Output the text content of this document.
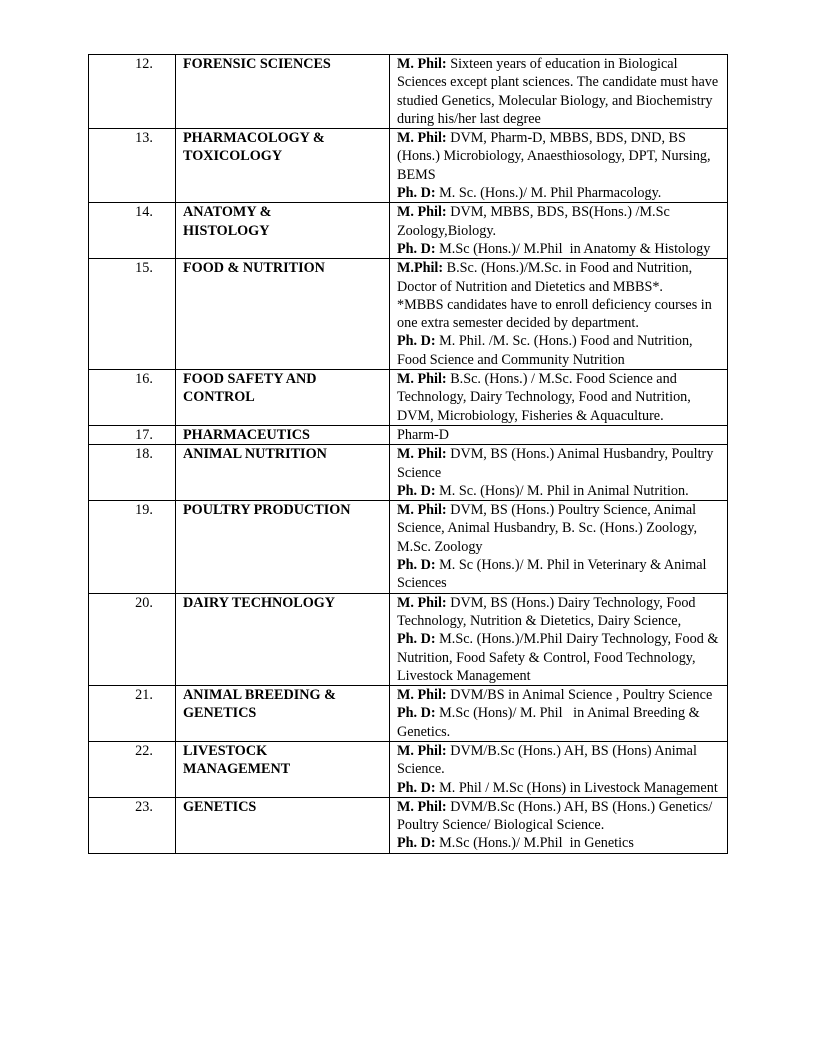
12.	FORENSIC SCIENCES	M. Phil: Sixteen years of education in Biological Sciences except plant sciences. The candidate must have studied Genetics, Molecular Biology, and Biochemistry during his/her last degree

13.	PHARMACOLOGY & TOXICOLOGY	M. Phil: DVM, Pharm-D, MBBS, BDS, DND, BS (Hons.) Microbiology, Anaesthiosology, DPT, Nursing, BEMS
Ph. D: M. Sc. (Hons.)/ M. Phil Pharmacology.

14.	ANATOMY & HISTOLOGY	M. Phil: DVM, MBBS, BDS, BS(Hons.) /M.Sc Zoology,Biology.
Ph. D: M.Sc (Hons.)/ M.Phil  in Anatomy & Histology

15.	FOOD & NUTRITION	M.Phil: B.Sc. (Hons.)/M.Sc. in Food and Nutrition, Doctor of Nutrition and Dietetics and MBBS*.
*MBBS candidates have to enroll deficiency courses in one extra semester decided by department.
Ph. D: M. Phil. /M. Sc. (Hons.) Food and Nutrition, Food Science and Community Nutrition

16.	FOOD SAFETY AND CONTROL	M. Phil: B.Sc. (Hons.) / M.Sc. Food Science and Technology, Dairy Technology, Food and Nutrition, DVM, Microbiology, Fisheries & Aquaculture.

17.	PHARMACEUTICS	Pharm-D

18.	ANIMAL NUTRITION	M. Phil: DVM, BS (Hons.) Animal Husbandry, Poultry Science
Ph. D: M. Sc. (Hons)/ M. Phil in Animal Nutrition.

19.	POULTRY PRODUCTION	M. Phil: DVM, BS (Hons.) Poultry Science, Animal Science, Animal Husbandry, B. Sc. (Hons.) Zoology, M.Sc. Zoology
Ph. D: M. Sc (Hons.)/ M. Phil in Veterinary & Animal Sciences

20.	DAIRY TECHNOLOGY	M. Phil: DVM, BS (Hons.) Dairy Technology, Food Technology, Nutrition & Dietetics, Dairy Science,
Ph. D: M.Sc. (Hons.)/M.Phil Dairy Technology, Food & Nutrition, Food Safety & Control, Food Technology, Livestock Management

21.	ANIMAL BREEDING & GENETICS	M. Phil: DVM/BS in Animal Science , Poultry Science
Ph. D: M.Sc (Hons)/ M. Phil   in Animal Breeding & Genetics.

22.	LIVESTOCK MANAGEMENT	M. Phil: DVM/B.Sc (Hons.) AH, BS (Hons) Animal Science.
Ph. D: M. Phil / M.Sc (Hons) in Livestock Management

23.	GENETICS	M. Phil: DVM/B.Sc (Hons.) AH, BS (Hons.) Genetics/ Poultry Science/ Biological Science.
Ph. D: M.Sc (Hons.)/ M.Phil  in Genetics
